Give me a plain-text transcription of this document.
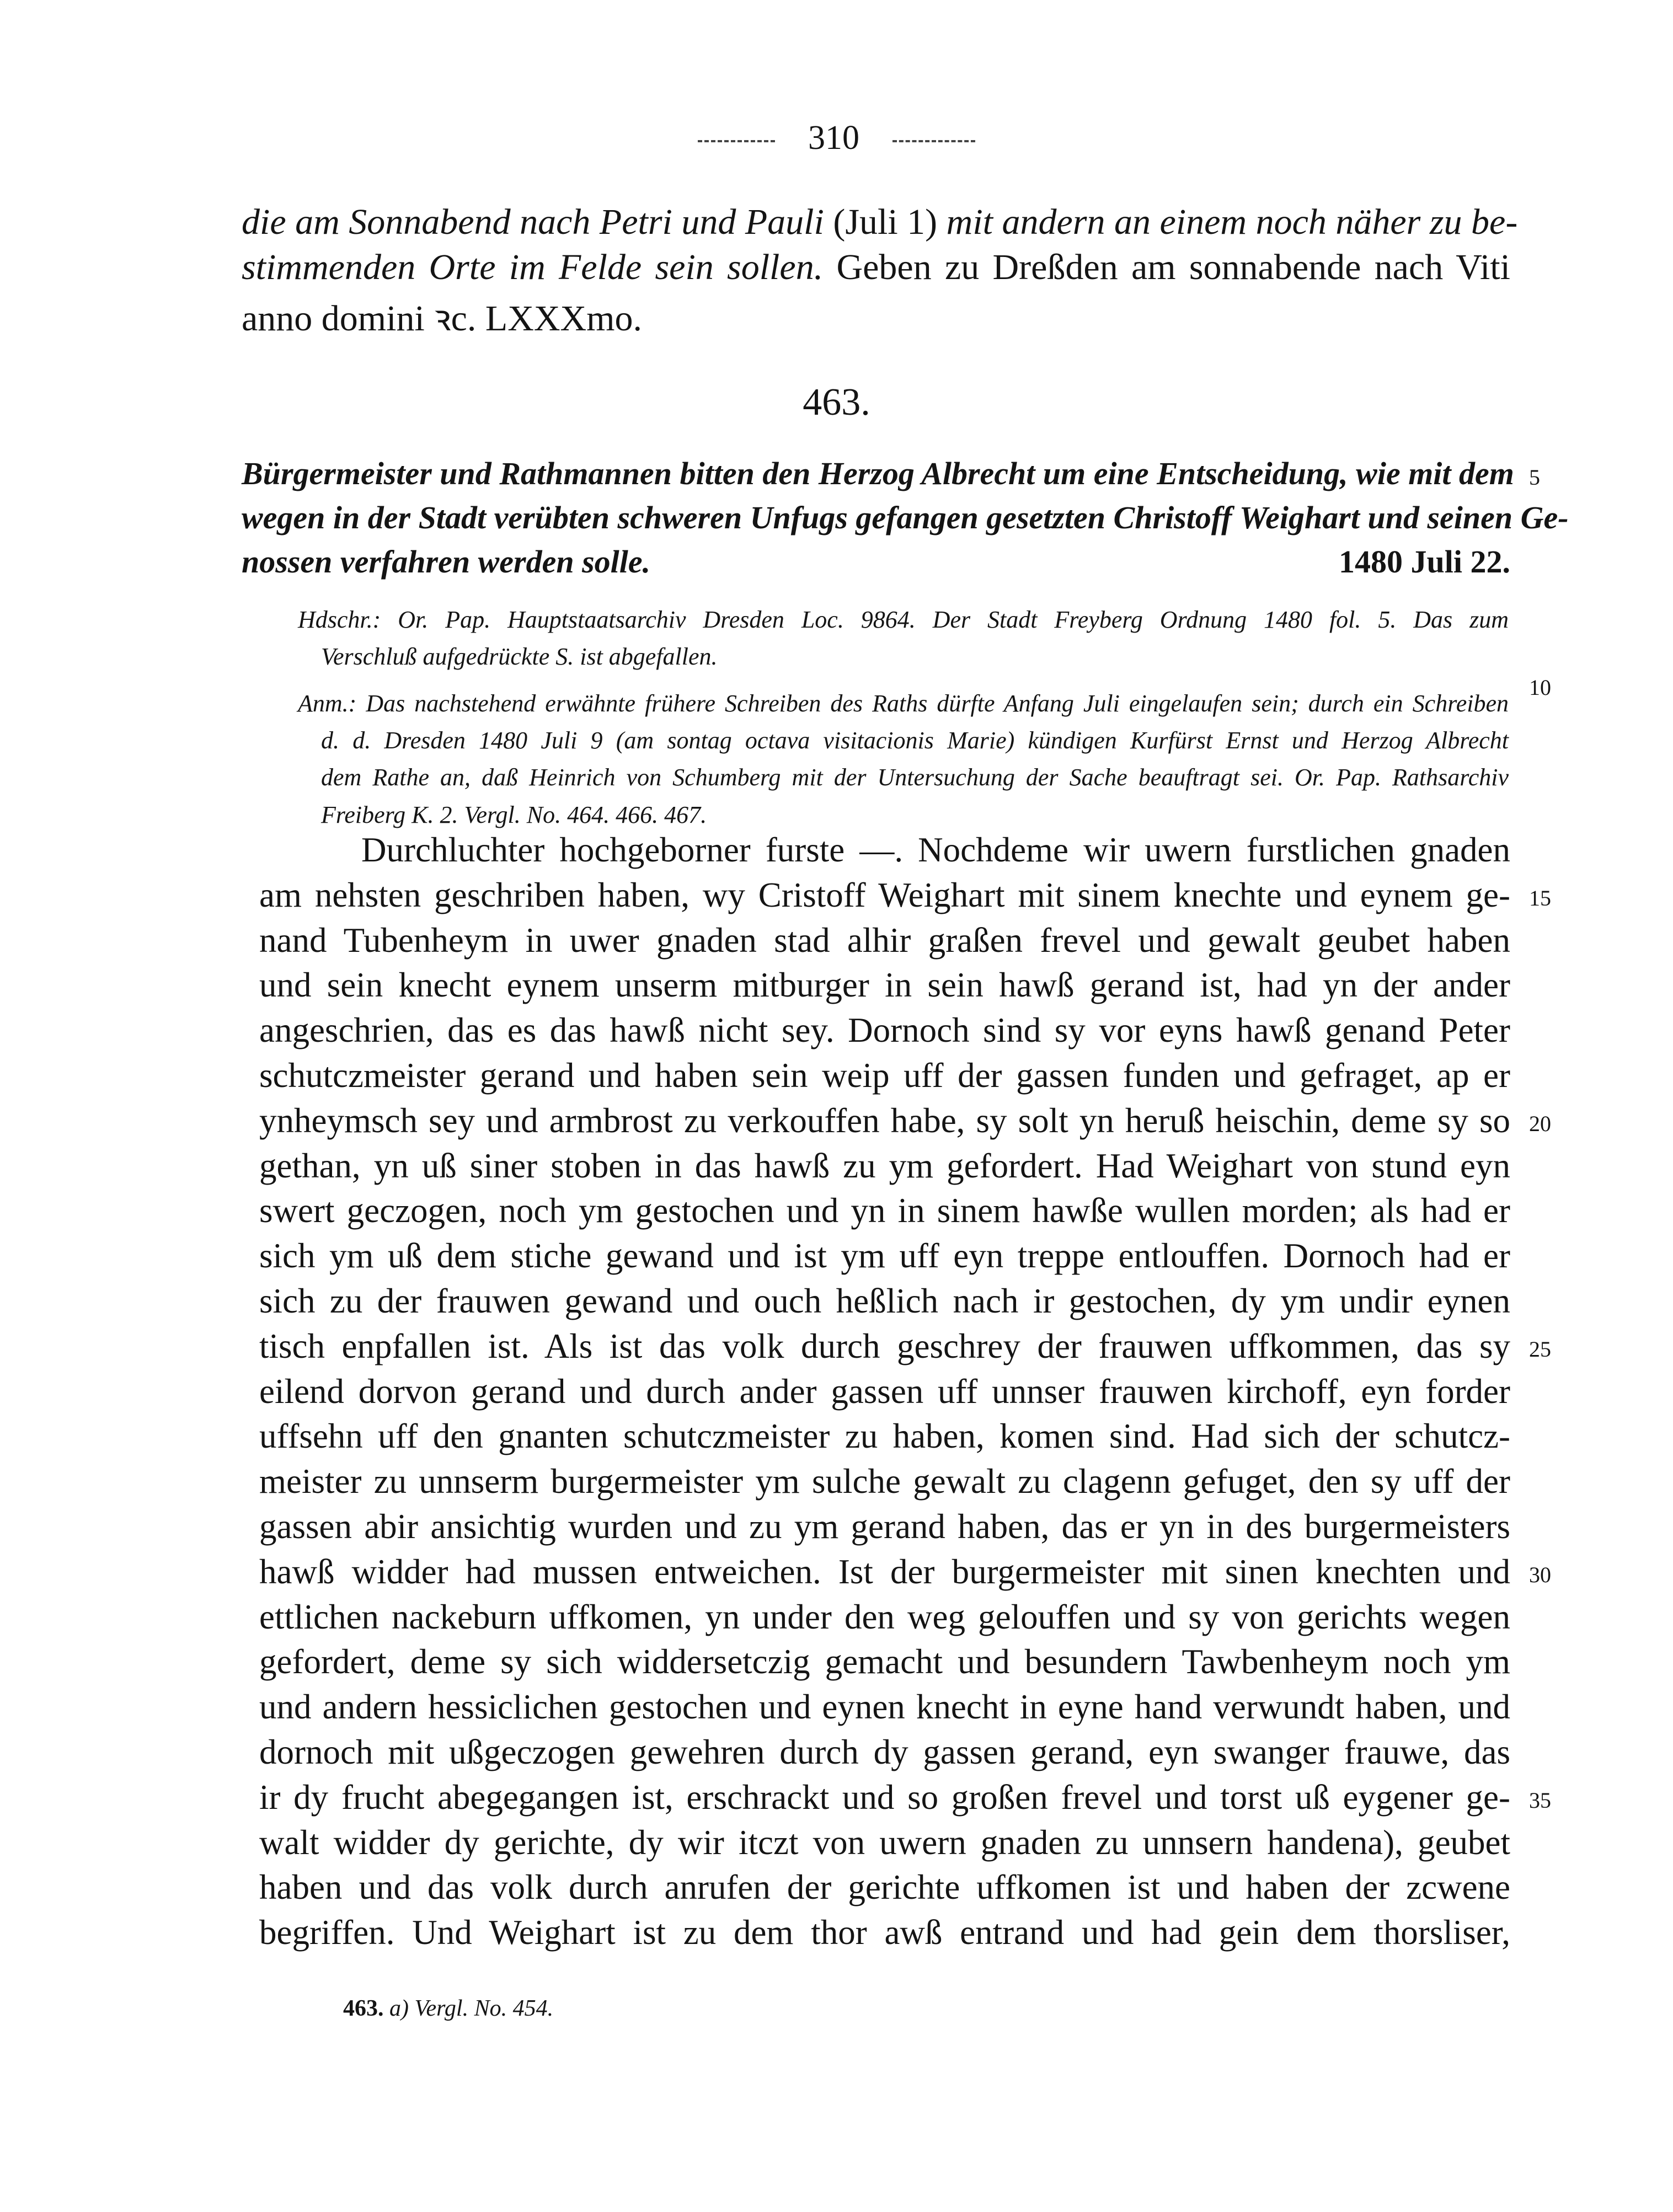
310
die am Sonnabend nach Petri und Pauli (Juli 1) mit andern an einem noch näher zu be-
stimmenden Orte im Felde sein sollen. Geben zu Dreßden am sonnabende nach Viti
anno domini ꝛc. LXXXmo.
463.
Bürgermeister und Rathmannen bitten den Herzog Albrecht um eine Entscheidung, wie mit dem
wegen in der Stadt verübten schweren Unfugs gefangen gesetzten Christoff Weighart und seinen Ge-
nossen verfahren werden solle.	1480 Juli 22.
Hdschr.: Or. Pap. Hauptstaatsarchiv Dresden Loc. 9864. Der Stadt Freyberg Ordnung 1480 fol. 5. Das zum
Verschluß aufgedrückte S. ist abgefallen.
Anm.: Das nachstehend erwähnte frühere Schreiben des Raths dürfte Anfang Juli eingelaufen sein; durch ein Schreiben
d. d. Dresden 1480 Juli 9 (am sontag octava visitacionis Marie) kündigen Kurfürst Ernst und Herzog Albrecht
dem Rathe an, daß Heinrich von Schumberg mit der Untersuchung der Sache beauftragt sei. Or. Pap. Rathsarchiv
Freiberg K. 2. Vergl. No. 464. 466. 467.
Durchluchter hochgeborner furste —. Nochdeme wir uwern furstlichen gnaden
am nehsten geschriben haben, wy Cristoff Weighart mit sinem knechte und eynem ge-
nand Tubenheym in uwer gnaden stad alhir graßen frevel und gewalt geubet haben
und sein knecht eynem unserm mitburger in sein hawß gerand ist, had yn der ander
angeschrien, das es das hawß nicht sey. Dornoch sind sy vor eyns hawß genand Peter
schutczmeister gerand und haben sein weip uff der gassen funden und gefraget, ap er
ynheymsch sey und armbrost zu verkouffen habe, sy solt yn heruß heischin, deme sy so
gethan, yn uß siner stoben in das hawß zu ym gefordert. Had Weighart von stund eyn
swert geczogen, noch ym gestochen und yn in sinem hawße wullen morden; als had er
sich ym uß dem stiche gewand und ist ym uff eyn treppe entlouffen. Dornoch had er
sich zu der frauwen gewand und ouch heßlich nach ir gestochen, dy ym undir eynen
tisch enpfallen ist. Als ist das volk durch geschrey der frauwen uffkommen, das sy
eilend dorvon gerand und durch ander gassen uff unnser frauwen kirchoff, eyn forder
uffsehn uff den gnanten schutczmeister zu haben, komen sind. Had sich der schutcz-
meister zu unnserm burgermeister ym sulche gewalt zu clagenn gefuget, den sy uff der
gassen abir ansichtig wurden und zu ym gerand haben, das er yn in des burgermeisters
hawß widder had mussen entweichen. Ist der burgermeister mit sinen knechten und
ettlichen nackeburn uffkomen, yn under den weg gelouffen und sy von gerichts wegen
gefordert, deme sy sich widdersetczig gemacht und besundern Tawbenheym noch ym
und andern hessiclichen gestochen und eynen knecht in eyne hand verwundt haben, und
dornoch mit ußgeczogen gewehren durch dy gassen gerand, eyn swanger frauwe, das
ir dy frucht abegegangen ist, erschrackt und so großen frevel und torst uß eygener ge-
walt widder dy gerichte, dy wir itczt von uwern gnaden zu unnsern handena), geubet
haben und das volk durch anrufen der gerichte uffkomen ist und haben der zcwene
begriffen. Und Weighart ist zu dem thor awß entrand und had gein dem thorsliser,
5
10
15
20
25
30
35
463. a) Vergl. No. 454.
